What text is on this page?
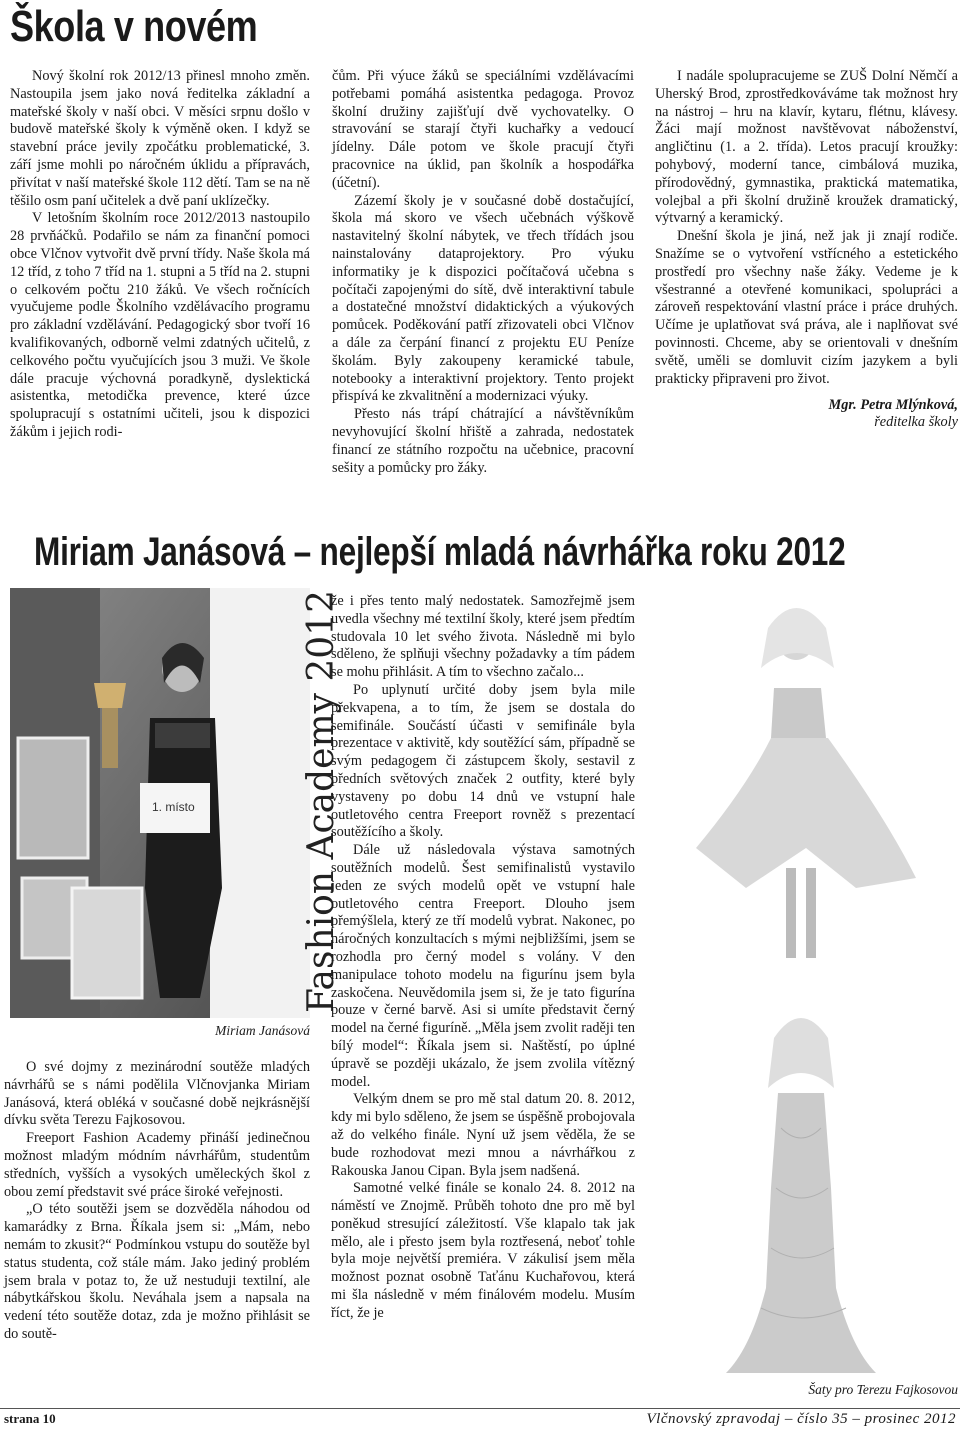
Škola v novém

Nový školní rok 2012/13 přinesl mnoho změn. Nastoupila jsem jako nová ředitelka základní a mateřské školy v naší obci. V měsíci srpnu došlo v budově mateřské školy k výměně oken. I když se stavební práce jevily zpočátku problematické, 3. září jsme mohli po náročném úklidu a přípravách, přivítat v naší mateřské škole 112 dětí. Tam se na ně těšilo osm paní učitelek a dvě paní uklízečky.

V letošním školním roce 2012/2013 nastoupilo 28 prvňáčků. Podařilo se nám za finanční pomoci obce Vlčnov vytvořit dvě první třídy. Naše škola má 12 tříd, z toho 7 tříd na 1. stupni a 5 tříd na 2. stupni o celkovém počtu 210 žáků. Ve všech ročnících vyučujeme podle Školního vzdělávacího programu pro základní vzdělávání. Pedagogický sbor tvoří 16 kvalifikovaných, odborně velmi zdatných učitelů, z celkového počtu vyučujících jsou 3 muži. Ve škole dále pracuje výchovná poradkyně, dyslektická asistentka, metodička prevence, které úzce spolupracují s ostatními učiteli, jsou k dispozici žákům i jejich rodi-

čům. Při výuce žáků se speciálními vzdělávacími potřebami pomáhá asistentka pedagoga. Provoz školní družiny zajišťují dvě vychovatelky. O stravování se starají čtyři kuchařky a vedoucí jídelny. Dále potom ve škole pracují čtyři pracovnice na úklid, pan školník a hospodářka (účetní).

Zázemí školy je v současné době dostačující, škola má skoro ve všech učebnách výškově nastavitelný školní nábytek, ve třech třídách jsou nainstalovány dataprojektory. Pro výuku informatiky je k dispozici počítačová učebna s počítači zapojenými do sítě, dvě interaktivní tabule a dostatečné množství didaktických a výukových pomůcek. Poděkování patří zřizovateli obci Vlčnov a dále za čerpání financí z projektu EU Peníze školám. Byly zakoupeny keramické tabule, notebooky a interaktivní projektory. Tento projekt přispívá ke zkvalitnění a modernizaci výuky.

Přesto nás trápí chátrající a návštěvníkům nevyhovující školní hřiště a zahrada, nedostatek financí ze státního rozpočtu na učebnice, pracovní sešity a pomůcky pro žáky.

I nadále spolupracujeme se ZUŠ Dolní Němčí a Uherský Brod, zprostředkováváme tak možnost hry na nástroj – hru na klavír, kytaru, flétnu, klávesy. Žáci mají možnost navštěvovat náboženství, angličtinu (1. a 2. třída). Letos pracují kroužky: pohybový, moderní tance, cimbálová muzika, přírodovědný, gymnastika, praktická matematika, volejbal a při školní družině kroužek dramatický, výtvarný a keramický.

Dnešní škola je jiná, než jak ji znají rodiče. Snažíme se o vytvoření vstřícného a estetického prostředí pro všechny naše žáky. Vedeme je k všestranné a otevřené komunikaci, spolupráci a zároveň respektování vlastní práce i práce druhých. Učíme je uplatňovat svá práva, ale i naplňovat své povinnosti. Chceme, aby se orientovali v dnešním světě, uměli se domluvit cizím jazykem a byli prakticky připraveni pro život.

Mgr. Petra Mlýnková,
ředitelka školy
Miriam Janásová – nejlepší mladá návrhářka roku 2012
Fashion Academy 2012
1. místo
Miriam Janásová

O své dojmy z mezinárodní soutěže mladých návrhářů se s námi podělila Vlčnovjanka Miriam Janásová, která obléká v současné době nejkrásnější dívku světa Terezu Fajkosovou.

Freeport Fashion Academy přináší jedinečnou možnost mladým módním návrhářům, studentům středních, vyšších a vysokých uměleckých škol z obou zemí představit své práce široké veřejnosti.

„O této soutěži jsem se dozvěděla náhodou od kamarádky z Brna. Říkala jsem si: „Mám, nebo nemám to zkusit?“ Podmínkou vstupu do soutěže byl status studenta, což stále mám. Jako jediný problém jsem brala v potaz to, že už nestuduji textilní, ale nábytkářskou školu. Neváhala jsem a napsala na vedení této soutěže dotaz, zda je možno přihlásit se do soutě-

že i přes tento malý nedostatek. Samozřejmě jsem uvedla všechny mé textilní školy, které jsem předtím studovala 10 let svého života. Následně mi bylo sděleno, že splňuji všechny požadavky a tím pádem se mohu přihlásit. A tím to všechno začalo...

Po uplynutí určité doby jsem byla mile překvapena, a to tím, že jsem se dostala do semifinále. Součástí účasti v semifinále byla prezentace v aktivitě, kdy soutěžící sám, případně se svým pedagogem či zástupcem školy, sestavil z předních světových značek 2 outfity, které byly vystaveny po dobu 14 dnů ve vstupní hale outletového centra Freeport rovněž s prezentací soutěžícího a školy.

Dále už následovala výstava samotných soutěžních modelů. Šest semifinalistů vystavilo jeden ze svých modelů opět ve vstupní hale outletového centra Freeport. Dlouho jsem přemýšlela, který ze tří modelů vybrat. Nakonec, po náročných konzultacích s mými nejbližšími, jsem se rozhodla pro černý model s volány. V den manipulace tohoto modelu na figurínu jsem byla zaskočena. Neuvědomila jsem si, že je tato figurína pouze v černé barvě. Asi si umíte představit černý model na černé figuríně. „Měla jsem zvolit raději ten bílý model“: Říkala jsem si. Naštěstí, po úplné úpravě se později ukázalo, že jsem zvolila vítězný model.

Velkým dnem se pro mě stal datum 20. 8. 2012, kdy mi bylo sděleno, že jsem se úspěšně probojovala až do velkého finále. Nyní už jsem věděla, že se bude rozhodovat mezi mnou a návrhářkou z Rakouska Janou Cipan. Byla jsem nadšená.

Samotné velké finále se konalo 24. 8. 2012 na náměstí ve Znojmě. Průběh tohoto dne pro mě byl poněkud stresující záležitostí. Vše klapalo tak jak mělo, ale i přesto jsem byla roztřesená, neboť tohle byla moje největší premiéra. V zákulisí jsem měla možnost poznat osobně Taťánu Kuchařovou, která mi šla následně v mém finálovém modelu. Musím říct, že je

Šaty pro Terezu Fajkosovou
strana 10	Vlčnovský zpravodaj – číslo 35 – prosinec 2012
